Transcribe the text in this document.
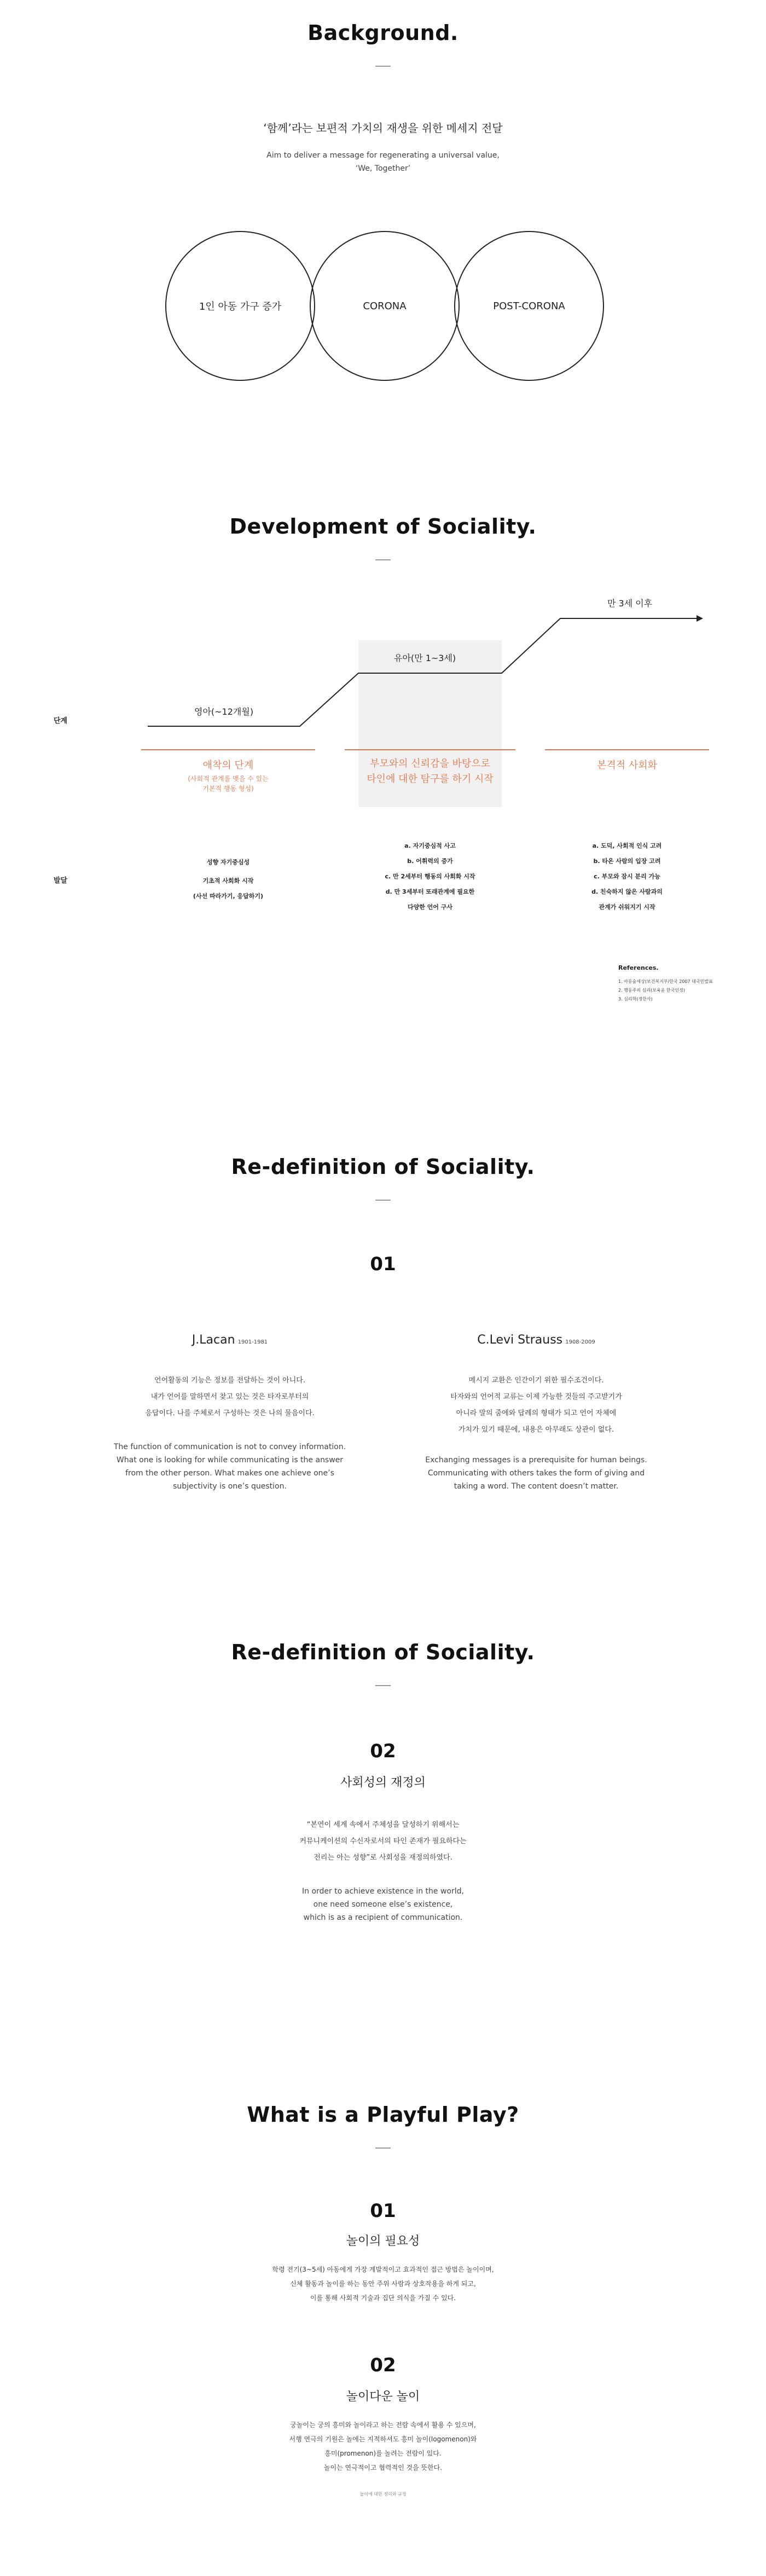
Background.
‘함께’라는 보편적 가치의 재생을 위한 메세지 전달
Aim to deliver a message for regenerating a universal value,
‘We, Together’
1인 아동 가구 증가	CORONA	POST-CORONA
Development of Sociality.
영아(~12개월)
유아(만 1~3세)
만 3세 이후
단계
발달
애착의 단계
(사회적 관계를 맺을 수 있는
기본적 행동 형성)
부모와의 신뢰감을 바탕으로
타인에 대한 탐구를 하기 시작
본격적 사회화
성향 자기중심성
기초적 사회화 시작
(사선 따라가기, 응답하기)
a. 자기중심적 사고
b. 어휘력의 증가
c. 만 2세부터 행동의 사회화 시작
d. 만 3세부터 또래관계에 필요한
다양한 언어 구사
a. 도덕, 사회적 인식 고려
b. 타온 사람의 입장 고려
c. 부모와 잠시 분리 가능
d. 친숙하지 않은 사람과의
관계가 쉬워지기 시작
References.
1. 아동숲세상(보건복지부/한국 2007 대국민발표
2. 행동주의 심리(보육윤 한국인정)
3. 심리학(정한사)
Re-definition of Sociality.
01
J.Lacan 1901-1981
언어활동의 기능은 정보를 전달하는 것이 아니다.
내가 언어를 말하면서 찾고 있는 것은 타자로부터의
응답이다. 나를 주체로서 구성하는 것은 나의 물음이다.
The function of communication is not to convey information.
What one is looking for while communicating is the answer
from the other person. What makes one achieve one’s
subjectivity is one’s question.
C.Levi Strauss 1908-2009
메시지 교환은 인간이기 위한 필수조건이다.
타자와의 언어적 교류는 이제 가능한 것들의 주고받기가
아니라 말의 줌에와 답례의 형태가 되고 언어 자체에
가치가 있기 때문에, 내용은 아무래도 상관이 없다.
Exchanging messages is a prerequisite for human beings.
Communicating with others takes the form of giving and
taking a word. The content doesn’t matter.
Re-definition of Sociality.
02
사회성의 재정의
“본연이 세계 속에서 주체성을 달성하기 위해서는
커뮤니케이션의 수신자로서의 타인 존재가 필요하다는
전리는 아는 성향”로 사회성을 재정의하였다.
In order to achieve existence in the world,
one need someone else’s existence,
which is as a recipient of communication.
What is a Playful Play?
01
놀이의 필요성
학령 전기(3~5세) 아동에게 가장 계발적이고 효과적인 접근 방법은 놀이이며,
신체 활동과 놀이를 하는 동안 주위 사람과 상호작용을 하게 되고,
이를 통해 사회적 기술과 집단 의식을 가질 수 있다.
02
놀이다운 놀이
궁놀이는 궁의 흥미와 놀이라고 하는 전람 속에서 활용 수 있으며,
서행 연극의 기원은 놀에는 지적하셔도 흥미 놀이(logomenon)와
흥미(promenon)를 놀려는 전람이 있다.
놀이는 연극적이고 협력적인 것을 뜻한다.
놀이에 대한 정의와 규정
